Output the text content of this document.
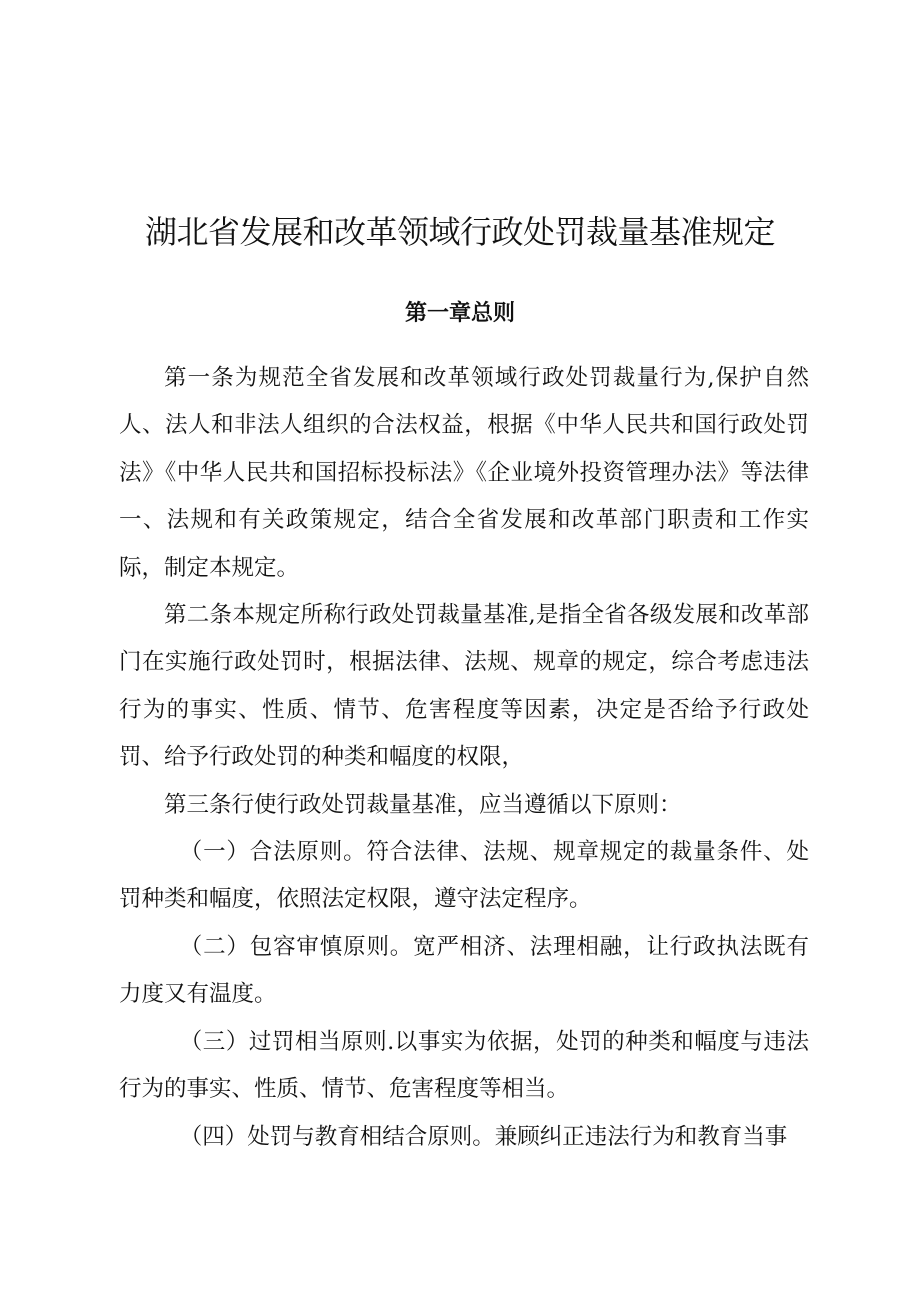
湖北省发展和改革领域行政处罚裁量基准规定
第一章总则

第一条为规范全省发展和改革领域行政处罚裁量行为,保护自然人、法人和非法人组织的合法权益，根据《中华人民共和国行政处罚法》《中华人民共和国招标投标法》《企业境外投资管理办法》等法律一、法规和有关政策规定，结合全省发展和改革部门职责和工作实际，制定本规定。

第二条本规定所称行政处罚裁量基准,是指全省各级发展和改革部门在实施行政处罚时，根据法律、法规、规章的规定，综合考虑违法行为的事实、性质、情节、危害程度等因素，决定是否给予行政处罚、给予行政处罚的种类和幅度的权限，

第三条行使行政处罚裁量基准，应当遵循以下原则：

（一）合法原则。符合法律、法规、规章规定的裁量条件、处罚种类和幅度，依照法定权限，遵守法定程序。

（二）包容审慎原则。宽严相济、法理相融，让行政执法既有力度又有温度。

（三）过罚相当原则.以事实为依据，处罚的种类和幅度与违法行为的事实、性质、情节、危害程度等相当。

（四）处罚与教育相结合原则。兼顾纠正违法行为和教育当事
